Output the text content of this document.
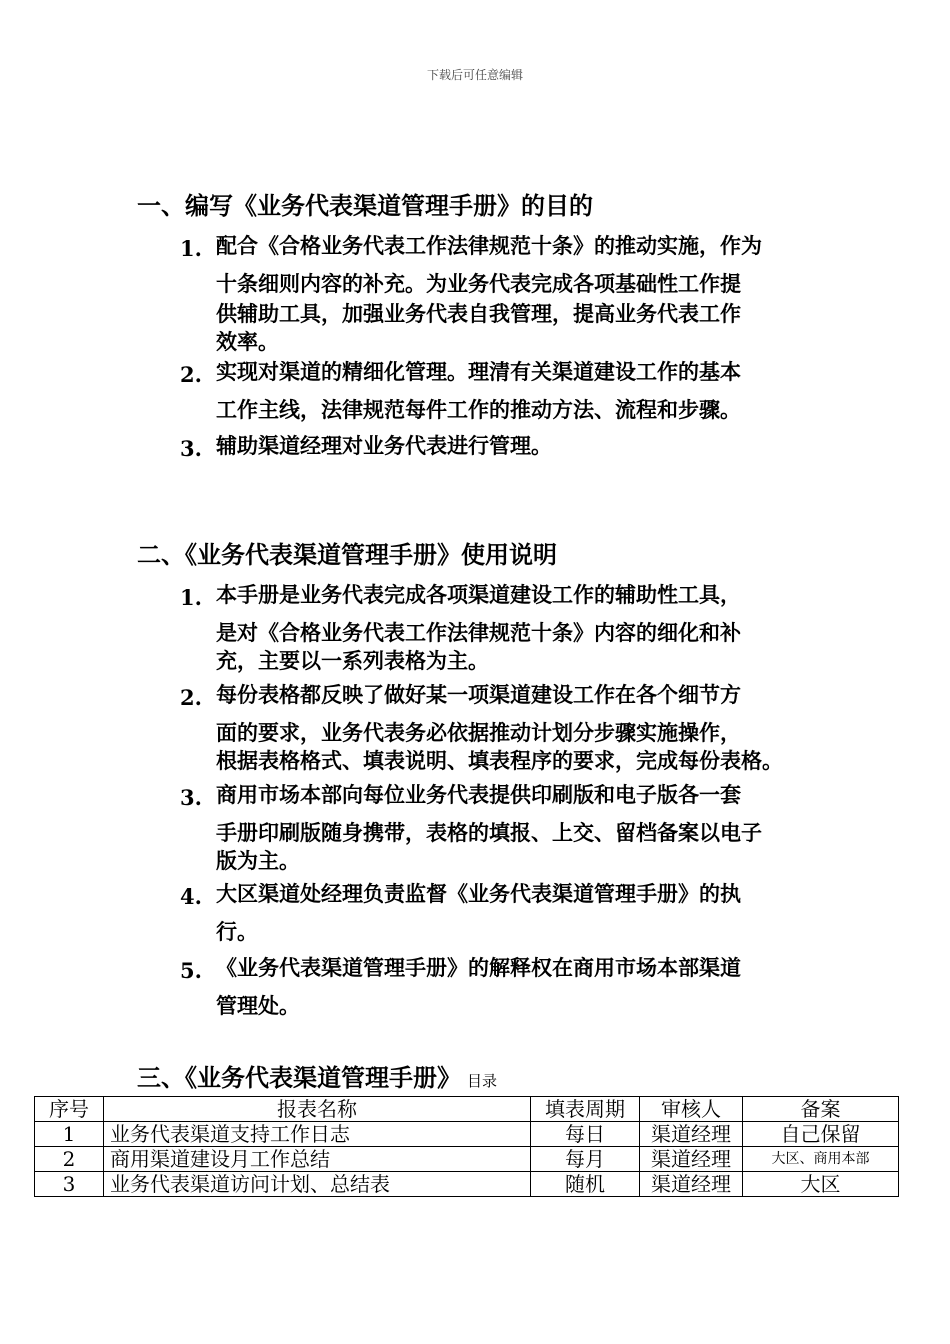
下载后可任意编辑
一、编写《业务代表渠道管理手册》的目的
1. 配合《合格业务代表工作法律规范十条》的推动实施，作为
十条细则内容的补充。为业务代表完成各项基础性工作提
供辅助工具，加强业务代表自我管理，提高业务代表工作
效率。
2. 实现对渠道的精细化管理。理清有关渠道建设工作的基本
工作主线，法律规范每件工作的推动方法、流程和步骤。
3. 辅助渠道经理对业务代表进行管理。
二、《业务代表渠道管理手册》使用说明
1. 本手册是业务代表完成各项渠道建设工作的辅助性工具，
是对《合格业务代表工作法律规范十条》内容的细化和补
充，主要以一系列表格为主。
2. 每份表格都反映了做好某一项渠道建设工作在各个细节方
面的要求，业务代表务必依据推动计划分步骤实施操作，
根据表格格式、填表说明、填表程序的要求，完成每份表格。
3. 商用市场本部向每位业务代表提供印刷版和电子版各一套
手册印刷版随身携带，表格的填报、上交、留档备案以电子
版为主。
4. 大区渠道处经理负责监督《业务代表渠道管理手册》的执
行。
5. 《业务代表渠道管理手册》的解释权在商用市场本部渠道
管理处。
三、《业务代表渠道管理手册》 目录
序号	报表名称	填表周期	审核人	备案
1	业务代表渠道支持工作日志	每日	渠道经理	自己保留
2	商用渠道建设月工作总结	每月	渠道经理	大区、商用本部
3	业务代表渠道访问计划、总结表	随机	渠道经理	大区
